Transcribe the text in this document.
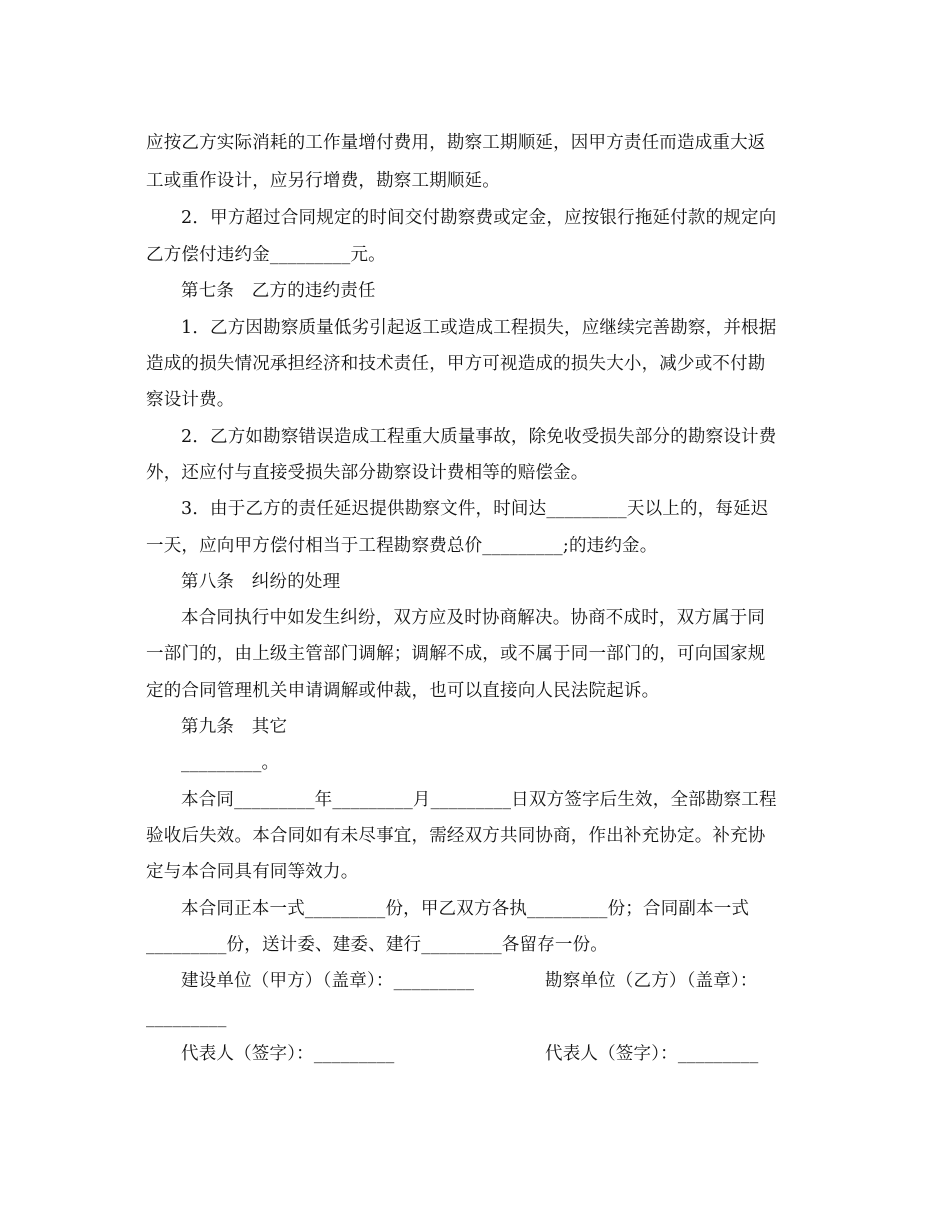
应按乙方实际消耗的工作量增付费用，勘察工期顺延，因甲方责任而造成重大返
工或重作设计，应另行增费，勘察工期顺延。
2．甲方超过合同规定的时间交付勘察费或定金，应按银行拖延付款的规定向
乙方偿付违约金_________元。
第七条　乙方的违约责任
1．乙方因勘察质量低劣引起返工或造成工程损失，应继续完善勘察，并根据
造成的损失情况承担经济和技术责任，甲方可视造成的损失大小，减少或不付勘
察设计费。
2．乙方如勘察错误造成工程重大质量事故，除免收受损失部分的勘察设计费
外，还应付与直接受损失部分勘察设计费相等的赔偿金。
3．由于乙方的责任延迟提供勘察文件，时间达_________天以上的，每延迟
一天，应向甲方偿付相当于工程勘察费总价_________;的违约金。
第八条　纠纷的处理
本合同执行中如发生纠纷，双方应及时协商解决。协商不成时，双方属于同
一部门的，由上级主管部门调解；调解不成，或不属于同一部门的，可向国家规
定的合同管理机关申请调解或仲裁，也可以直接向人民法院起诉。
第九条　其它
_________。
本合同_________年_________月_________日双方签字后生效，全部勘察工程
验收后失效。本合同如有未尽事宜，需经双方共同协商，作出补充协定。补充协
定与本合同具有同等效力。
本合同正本一式_________份，甲乙双方各执_________份；合同副本一式
_________份，送计委、建委、建行_________各留存一份。
建设单位（甲方）（盖章）：_________	勘察单位（乙方）（盖章）：
_________
代表人（签字）：_________	代表人（签字）：_________
